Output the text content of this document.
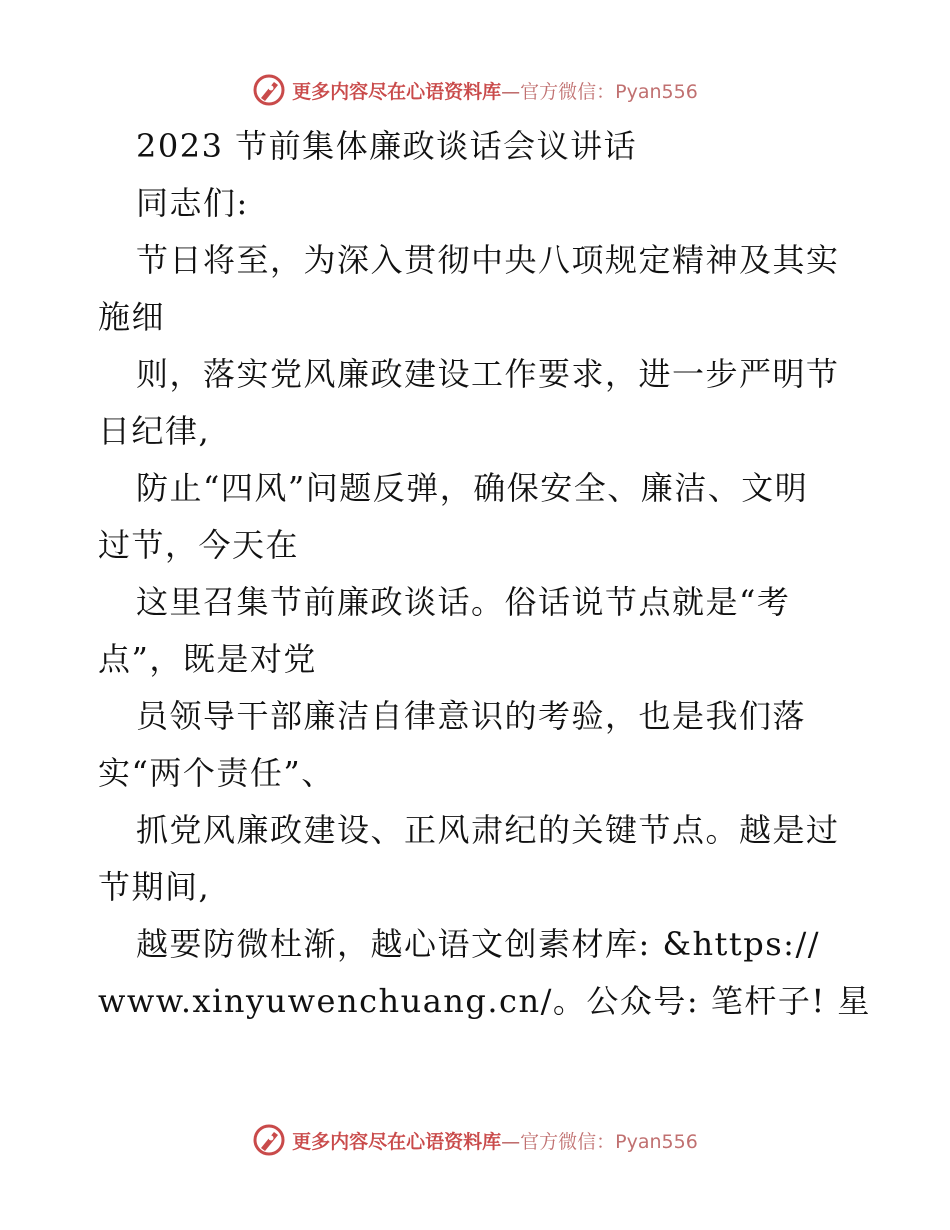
更多内容尽在心语资料库—官方微信：Pyan556
2023 节前集体廉政谈话会议讲话
同志们:
节日将至，为深入贯彻中央八项规定精神及其实
施细
则，落实党风廉政建设工作要求，进一步严明节
日纪律,
防止“四风”问题反弹，确保安全、廉洁、文明
过节，今天在
这里召集节前廉政谈话。俗话说节点就是“考
点”，既是对党
员领导干部廉洁自律意识的考验，也是我们落
实“两个责任”、
抓党风廉政建设、正风肃纪的关键节点。越是过
节期间,
越要防微杜渐，越心语文创素材库: &https://
www.xinyuwenchuang.cn/。公众号: 笔杆子! 星
更多内容尽在心语资料库—官方微信：Pyan556
